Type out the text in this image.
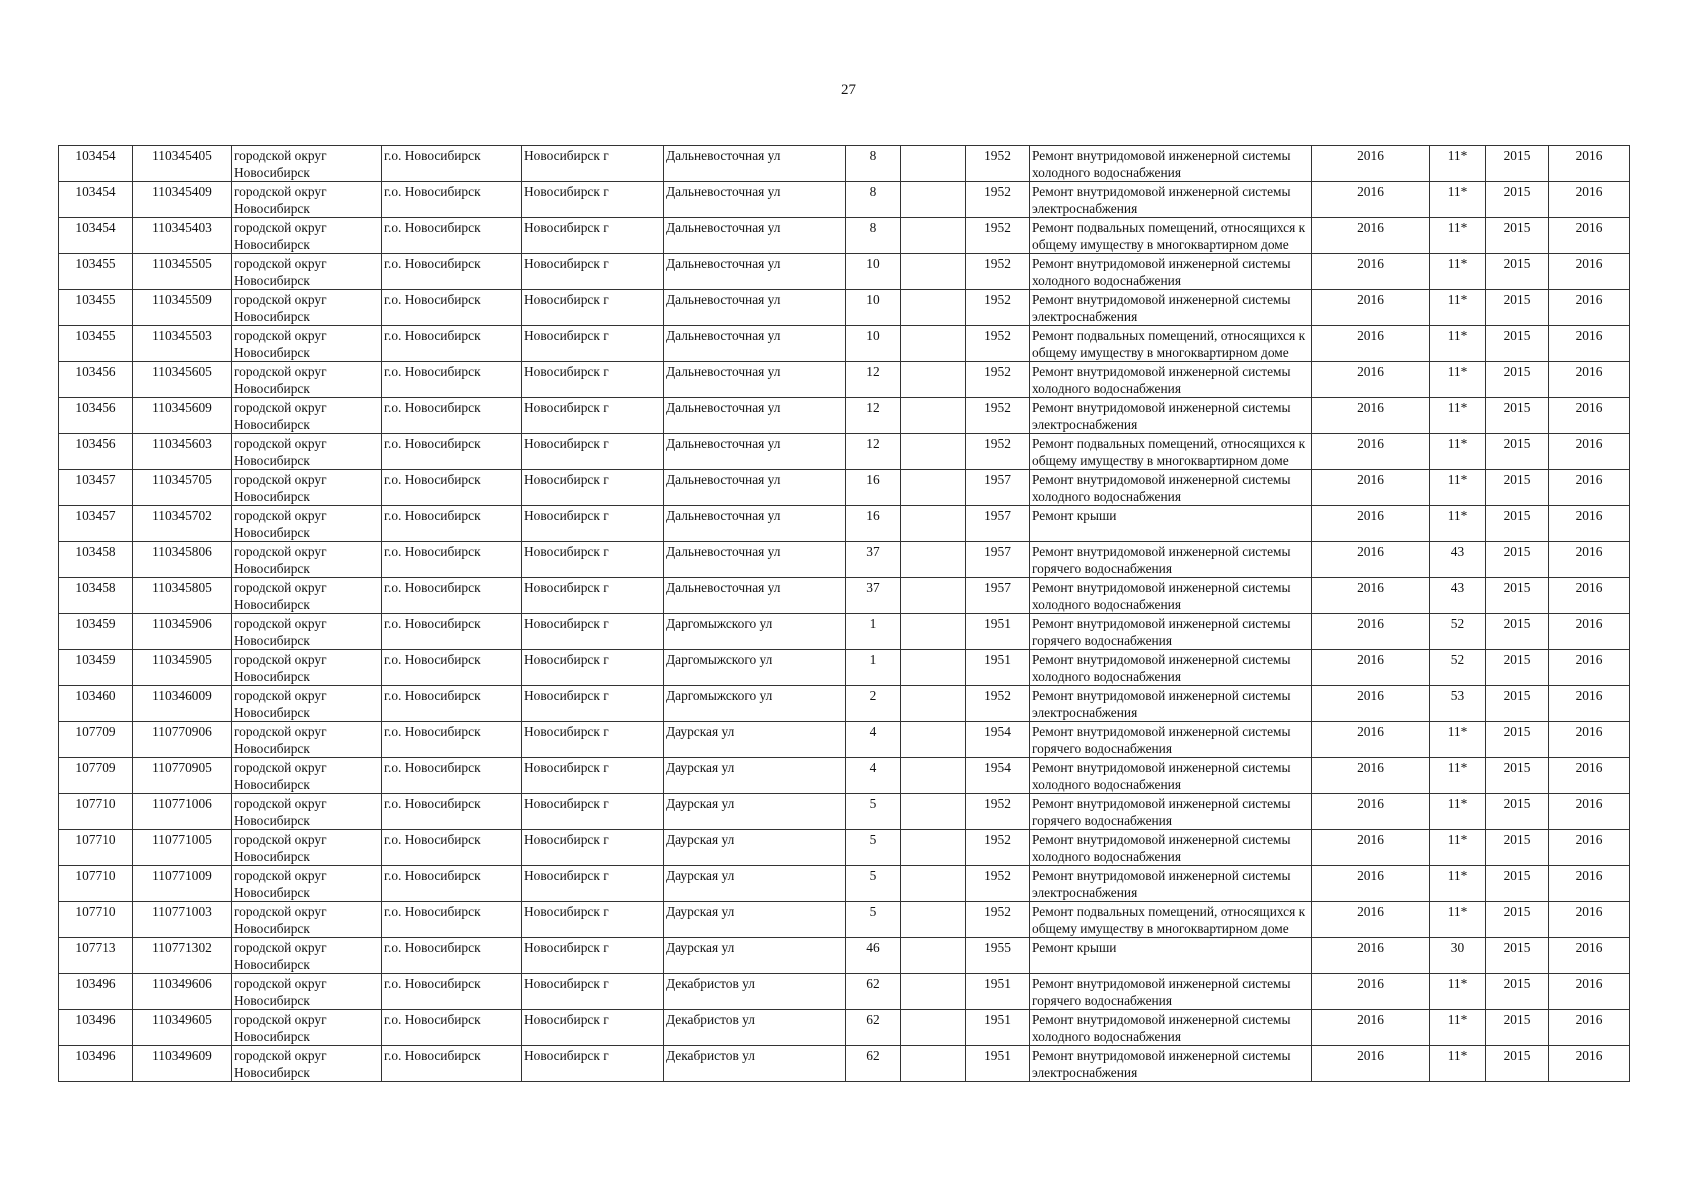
27
103454	110345405	городской округ Новосибирск	г.о. Новосибирск	Новосибирск г	Дальневосточная ул	8		1952	Ремонт внутридомовой инженерной системы холодного водоснабжения	2016	11*	2015	2016
103454	110345409	городской округ Новосибирск	г.о. Новосибирск	Новосибирск г	Дальневосточная ул	8		1952	Ремонт внутридомовой инженерной системы электроснабжения	2016	11*	2015	2016
103454	110345403	городской округ Новосибирск	г.о. Новосибирск	Новосибирск г	Дальневосточная ул	8		1952	Ремонт подвальных помещений, относящихся к общему имуществу в многоквартирном доме	2016	11*	2015	2016
103455	110345505	городской округ Новосибирск	г.о. Новосибирск	Новосибирск г	Дальневосточная ул	10		1952	Ремонт внутридомовой инженерной системы холодного водоснабжения	2016	11*	2015	2016
103455	110345509	городской округ Новосибирск	г.о. Новосибирск	Новосибирск г	Дальневосточная ул	10		1952	Ремонт внутридомовой инженерной системы электроснабжения	2016	11*	2015	2016
103455	110345503	городской округ Новосибирск	г.о. Новосибирск	Новосибирск г	Дальневосточная ул	10		1952	Ремонт подвальных помещений, относящихся к общему имуществу в многоквартирном доме	2016	11*	2015	2016
103456	110345605	городской округ Новосибирск	г.о. Новосибирск	Новосибирск г	Дальневосточная ул	12		1952	Ремонт внутридомовой инженерной системы холодного водоснабжения	2016	11*	2015	2016
103456	110345609	городской округ Новосибирск	г.о. Новосибирск	Новосибирск г	Дальневосточная ул	12		1952	Ремонт внутридомовой инженерной системы электроснабжения	2016	11*	2015	2016
103456	110345603	городской округ Новосибирск	г.о. Новосибирск	Новосибирск г	Дальневосточная ул	12		1952	Ремонт подвальных помещений, относящихся к общему имуществу в многоквартирном доме	2016	11*	2015	2016
103457	110345705	городской округ Новосибирск	г.о. Новосибирск	Новосибирск г	Дальневосточная ул	16		1957	Ремонт внутридомовой инженерной системы холодного водоснабжения	2016	11*	2015	2016
103457	110345702	городской округ Новосибирск	г.о. Новосибирск	Новосибирск г	Дальневосточная ул	16		1957	Ремонт крыши	2016	11*	2015	2016
103458	110345806	городской округ Новосибирск	г.о. Новосибирск	Новосибирск г	Дальневосточная ул	37		1957	Ремонт внутридомовой инженерной системы горячего водоснабжения	2016	43	2015	2016
103458	110345805	городской округ Новосибирск	г.о. Новосибирск	Новосибирск г	Дальневосточная ул	37		1957	Ремонт внутридомовой инженерной системы холодного водоснабжения	2016	43	2015	2016
103459	110345906	городской округ Новосибирск	г.о. Новосибирск	Новосибирск г	Даргомыжского ул	1		1951	Ремонт внутридомовой инженерной системы горячего водоснабжения	2016	52	2015	2016
103459	110345905	городской округ Новосибирск	г.о. Новосибирск	Новосибирск г	Даргомыжского ул	1		1951	Ремонт внутридомовой инженерной системы холодного водоснабжения	2016	52	2015	2016
103460	110346009	городской округ Новосибирск	г.о. Новосибирск	Новосибирск г	Даргомыжского ул	2		1952	Ремонт внутридомовой инженерной системы электроснабжения	2016	53	2015	2016
107709	110770906	городской округ Новосибирск	г.о. Новосибирск	Новосибирск г	Даурская ул	4		1954	Ремонт внутридомовой инженерной системы горячего водоснабжения	2016	11*	2015	2016
107709	110770905	городской округ Новосибирск	г.о. Новосибирск	Новосибирск г	Даурская ул	4		1954	Ремонт внутридомовой инженерной системы холодного водоснабжения	2016	11*	2015	2016
107710	110771006	городской округ Новосибирск	г.о. Новосибирск	Новосибирск г	Даурская ул	5		1952	Ремонт внутридомовой инженерной системы горячего водоснабжения	2016	11*	2015	2016
107710	110771005	городской округ Новосибирск	г.о. Новосибирск	Новосибирск г	Даурская ул	5		1952	Ремонт внутридомовой инженерной системы холодного водоснабжения	2016	11*	2015	2016
107710	110771009	городской округ Новосибирск	г.о. Новосибирск	Новосибирск г	Даурская ул	5		1952	Ремонт внутридомовой инженерной системы электроснабжения	2016	11*	2015	2016
107710	110771003	городской округ Новосибирск	г.о. Новосибирск	Новосибирск г	Даурская ул	5		1952	Ремонт подвальных помещений, относящихся к общему имуществу в многоквартирном доме	2016	11*	2015	2016
107713	110771302	городской округ Новосибирск	г.о. Новосибирск	Новосибирск г	Даурская ул	46		1955	Ремонт крыши	2016	30	2015	2016
103496	110349606	городской округ Новосибирск	г.о. Новосибирск	Новосибирск г	Декабристов ул	62		1951	Ремонт внутридомовой инженерной системы горячего водоснабжения	2016	11*	2015	2016
103496	110349605	городской округ Новосибирск	г.о. Новосибирск	Новосибирск г	Декабристов ул	62		1951	Ремонт внутридомовой инженерной системы холодного водоснабжения	2016	11*	2015	2016
103496	110349609	городской округ Новосибирск	г.о. Новосибирск	Новосибирск г	Декабристов ул	62		1951	Ремонт внутридомовой инженерной системы электроснабжения	2016	11*	2015	2016
